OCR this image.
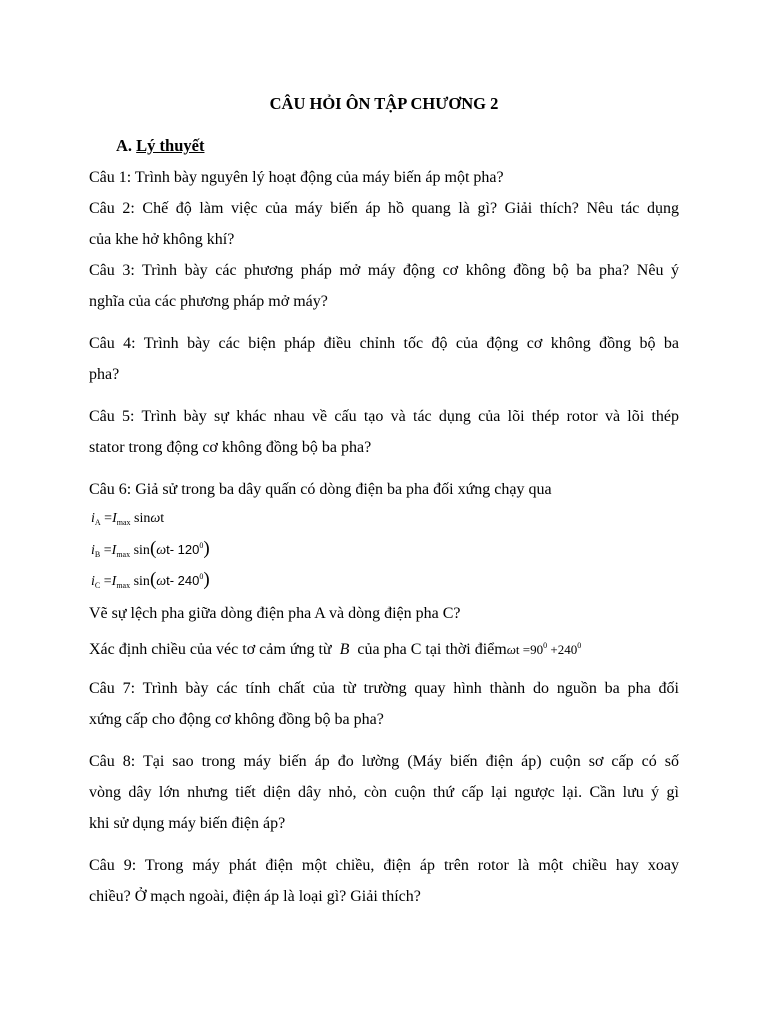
CÂU HỎI ÔN TẬP CHƯƠNG 2
A. Lý thuyết
Câu 1: Trình bày nguyên lý hoạt động của máy biến áp một pha?
Câu 2: Chế độ làm việc của máy biến áp hồ quang là gì? Giải thích? Nêu tác dụng
của khe hở không khí?
Câu 3: Trình bày các phương pháp mở máy động cơ không đồng bộ ba pha? Nêu ý
nghĩa của các phương pháp mở máy?
Câu 4: Trình bày các biện pháp điều chỉnh tốc độ của động cơ không đồng bộ ba
pha?
Câu 5: Trình bày sự khác nhau về cấu tạo và tác dụng của lõi thép rotor và lõi thép
stator trong động cơ không đồng bộ ba pha?
Câu 6: Giả sử trong ba dây quấn có dòng điện ba pha đối xứng chạy qua
$i_A =I_{max}$ sinωt
$i_B =I_{max}$ sin(ωt- $120^0$)
$i_C =I_{max}$ sin(ωt- $240^0$)
Vẽ sự lệch pha giữa dòng điện pha A và dòng điện pha C?
Xác định chiều của véc tơ cảm ứng từ B của pha C tại thời điểmωt $=90^0 +240^0$
Câu 7: Trình bày các tính chất của từ trường quay hình thành do nguồn ba pha đối
xứng cấp cho động cơ không đồng bộ ba pha?
Câu 8: Tại sao trong máy biến áp đo lường (Máy biến điện áp) cuộn sơ cấp có số
vòng dây lớn nhưng tiết diện dây nhỏ, còn cuộn thứ cấp lại ngược lại. Cần lưu ý gì
khi sử dụng máy biến điện áp?
Câu 9: Trong máy phát điện một chiều, điện áp trên rotor là một chiều hay xoay
chiều? Ở mạch ngoài, điện áp là loại gì? Giải thích?
